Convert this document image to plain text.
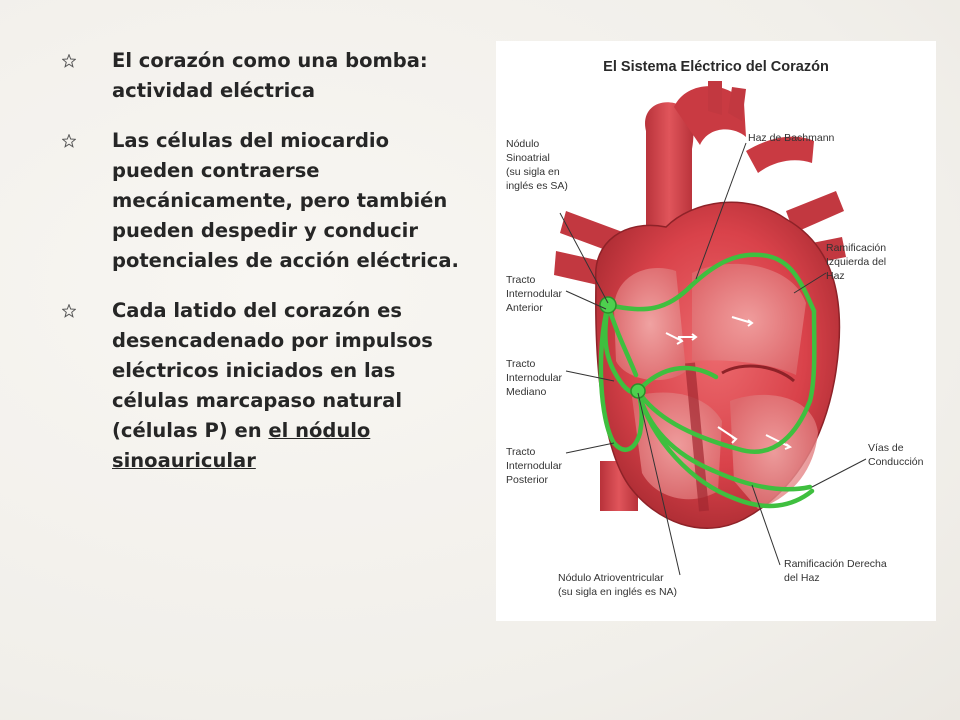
El corazón como una bomba: actividad eléctrica
Las células del miocardio pueden contraerse mecánicamente, pero también pueden despedir y conducir potenciales de acción eléctrica.
Cada latido del corazón es desencadenado por impulsos eléctricos iniciados en las células marcapaso natural (células P) en el nódulo sinoauricular
El Sistema Eléctrico del Corazón
Nódulo Sinoatrial (su sigla en inglés es SA)
Haz de Bachmann
Ramificación Izquierda del Haz
Tracto Internodular Anterior
Tracto Internodular Mediano
Tracto Internodular Posterior
Vías de Conducción
Ramificación Derecha del Haz
Nódulo Atrioventricular (su sigla en inglés es NA)
